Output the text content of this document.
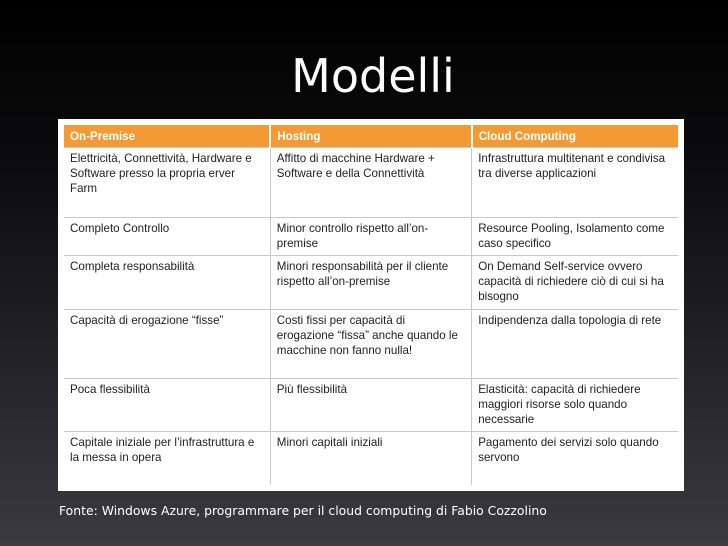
Modelli
On-Premise	Hosting	Cloud Computing
Elettricità, Connettività, Hardware e Software presso la propria erver Farm	Affitto di macchine Hardware + Software e della Connettività	Infrastruttura multitenant e condivisa tra diverse applicazioni
Completo Controllo	Minor controllo rispetto all’on-premise	Resource Pooling, Isolamento come caso specifico
Completa responsabilità	Minori responsabilità per il cliente rispetto all’on-premise	On Demand Self-service ovvero capacità di richiedere ciò di cui si ha bisogno
Capacità di erogazione “fisse”	Costi fissi per capacità di erogazione “fissa” anche quando le macchine non fanno nulla!	Indipendenza dalla topologia di rete
Poca flessibilità	Più flessibilità	Elasticità: capacità di richiedere maggiori risorse solo quando necessarie
Capitale iniziale per l’infrastruttura e la messa in opera	Minori capitali iniziali	Pagamento dei servizi solo quando servono
Fonte: Windows Azure, programmare per il cloud computing di Fabio Cozzolino
